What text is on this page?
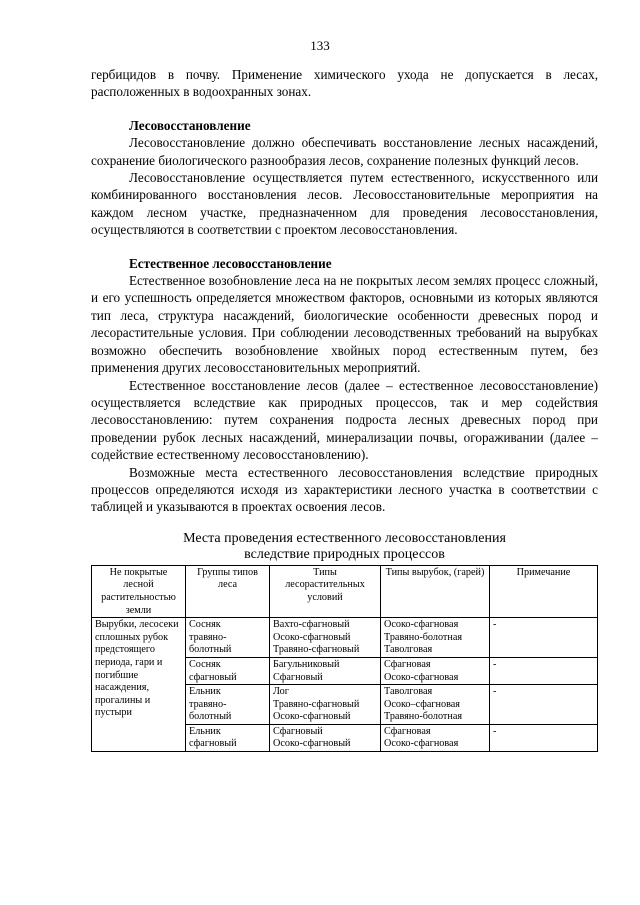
133

гербицидов в почву. Применение химического ухода не допускается в лесах, расположенных в водоохранных зонах.

Лесовосстановление

Лесовосстановление должно обеспечивать восстановление лесных насаждений, сохранение биологического разнообразия лесов, сохранение полезных функций лесов.

Лесовосстановление осуществляется путем естественного, искусственного или комбинированного восстановления лесов. Лесовосстановительные мероприятия на каждом лесном участке, предназначенном для проведения лесовосстановления, осуществляются в соответствии с проектом лесовосстановления.

Естественное лесовосстановление

Естественное возобновление леса на не покрытых лесом землях процесс сложный, и его успешность определяется множеством факторов, основными из которых являются тип леса, структура насаждений, биологические особенности древесных пород и лесорастительные условия. При соблюдении лесоводственных требований на вырубках возможно обеспечить возобновление хвойных пород естественным путем, без применения других лесовосстановительных мероприятий.

Естественное восстановление лесов (далее – естественное лесовосстановление) осуществляется вследствие как природных процессов, так и мер содействия лесовосстановлению: путем сохранения подроста лесных древесных пород при проведении рубок лесных насаждений, минерализации почвы, огораживании (далее – содействие естественному лесовосстановлению).

Возможные места естественного лесовосстановления вследствие природных процессов определяются исходя из характеристики лесного участка в соответствии с таблицей и указываются в проектах освоения лесов.

Места проведения естественного лесовосстановления
вследствие природных процессов
Не покрытые лесной растительностью земли	Группы типов леса	Типы лесорастительных условий	Типы вырубок, (гарей)	Примечание
Вырубки, лесосеки сплошных рубок предстоящего периода, гари и погибшие насаждения, прогалины и пустыри	Сосняк
травяно-
болотный	Вахто-сфагновый
Осоко-сфагновый
Травяно-сфагновый	Осоко-сфагновая
Травяно-болотная
Таволговая	-

	Сосняк
сфагновый	Багульниковый
Сфагновый	Сфагновая
Осоко-сфагновая	-

	Ельник
травяно-
болотный	Лог
Травяно-сфагновый
Осоко-сфагновый	Таволговая
Осоко–сфагновая
Травяно-болотная	-

	Ельник
сфагновый	Сфагновый
Осоко-сфагновый	Сфагновая
Осоко-сфагновая	-
